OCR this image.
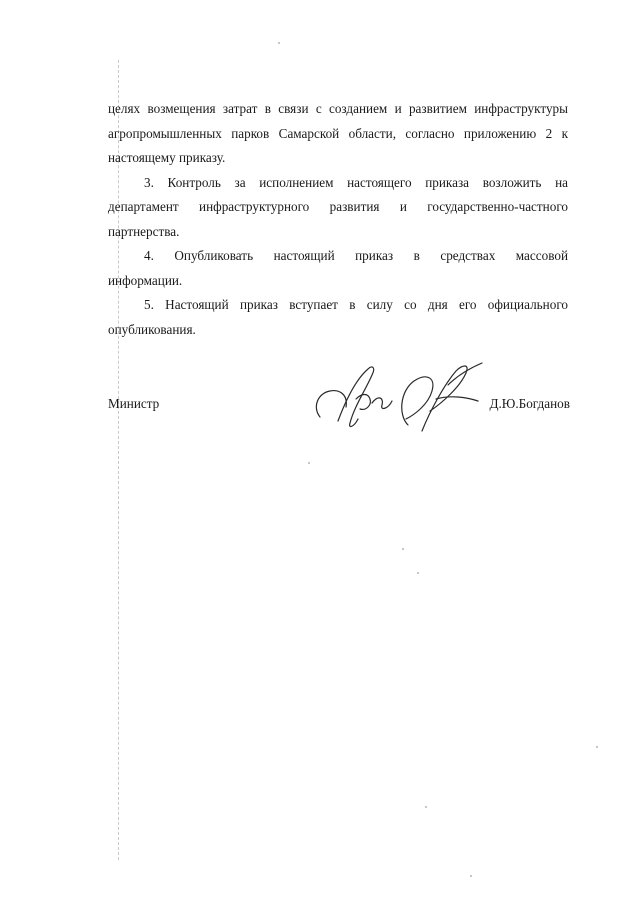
целях возмещения затрат в связи с созданием и развитием инфраструктуры
агропромышленных парков Самарской области, согласно приложению 2 к
настоящему приказу.
3. Контроль за исполнением настоящего приказа возложить на
департамент инфраструктурного развития и государственно-частного
партнерства.
4. Опубликовать настоящий приказ в средствах массовой
информации.
5. Настоящий приказ вступает в силу со дня его официального
опубликования.
Министр	Д.Ю.Богданов
